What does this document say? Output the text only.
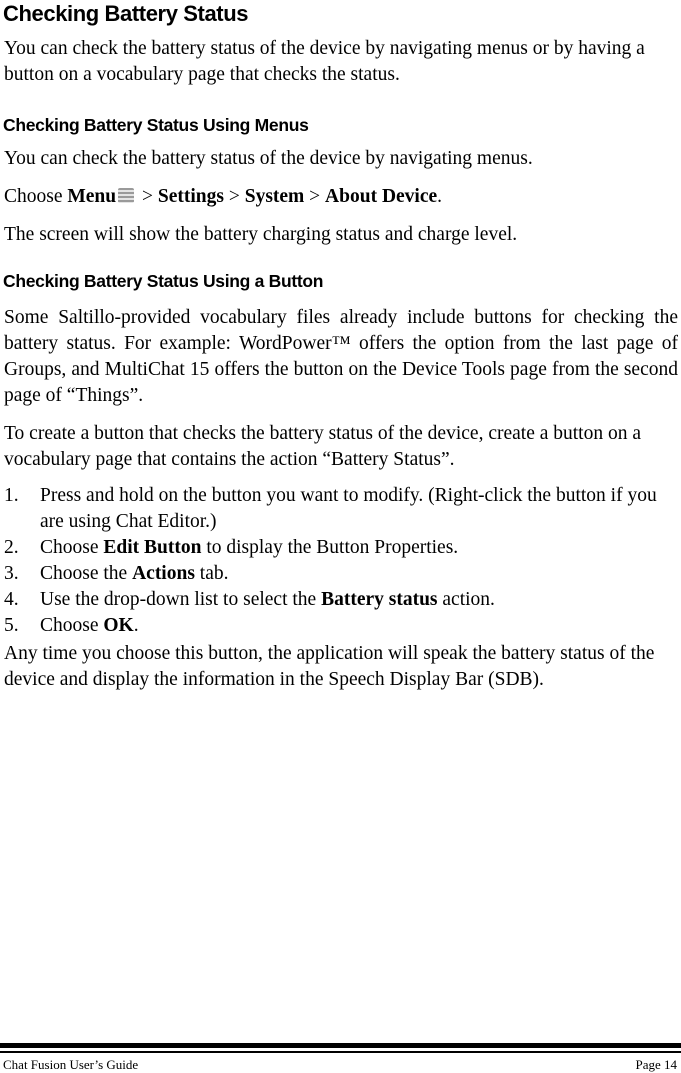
Checking Battery Status

You can check the battery status of the device by navigating menus or by having a button on a vocabulary page that checks the status.

Checking Battery Status Using Menus

You can check the battery status of the device by navigating menus.

Choose Menu > Settings > System > About Device.

The screen will show the battery charging status and charge level.

Checking Battery Status Using a Button

Some Saltillo-provided vocabulary files already include buttons for checking the battery status. For example: WordPower™ offers the option from the last page of Groups, and MultiChat 15 offers the button on the Device Tools page from the second page of “Things”.

To create a button that checks the battery status of the device, create a button on a vocabulary page that contains the action “Battery Status”.

1. Press and hold on the button you want to modify. (Right-click the button if you are using Chat Editor.)
2. Choose Edit Button to display the Button Properties.
3. Choose the Actions tab.
4. Use the drop-down list to select the Battery status action.
5. Choose OK.

Any time you choose this button, the application will speak the battery status of the device and display the information in the Speech Display Bar (SDB).

Chat Fusion User’s Guide	Page 14
